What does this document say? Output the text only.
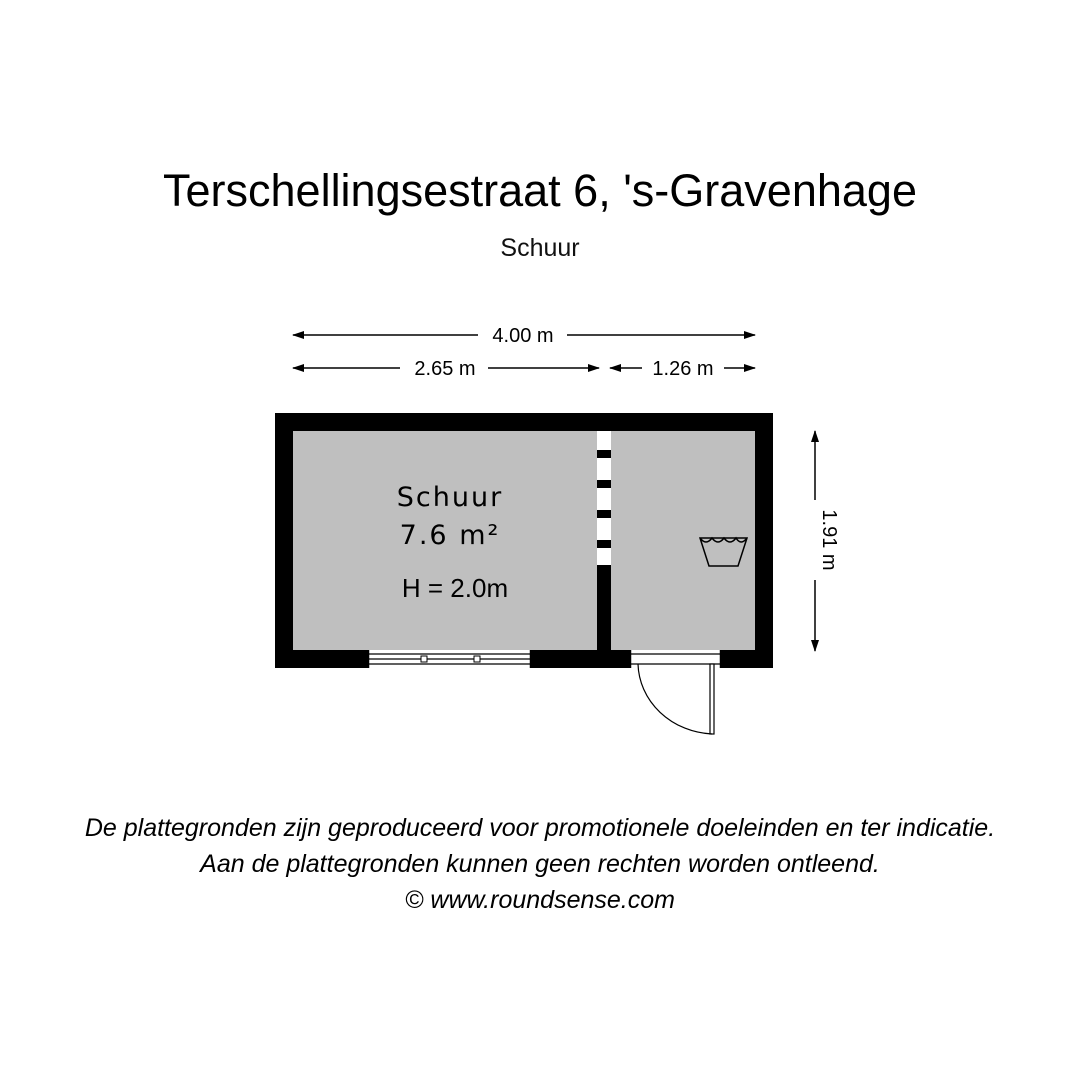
Terschellingsestraat 6, 's-Gravenhage
Schuur
4.00 m
2.65 m	1.26 m
1.91 m
Schuur
7.6 m²
H = 2.0m
De plattegronden zijn geproduceerd voor promotionele doeleinden en ter indicatie.
Aan de plattegronden kunnen geen rechten worden ontleend.
© www.roundsense.com
